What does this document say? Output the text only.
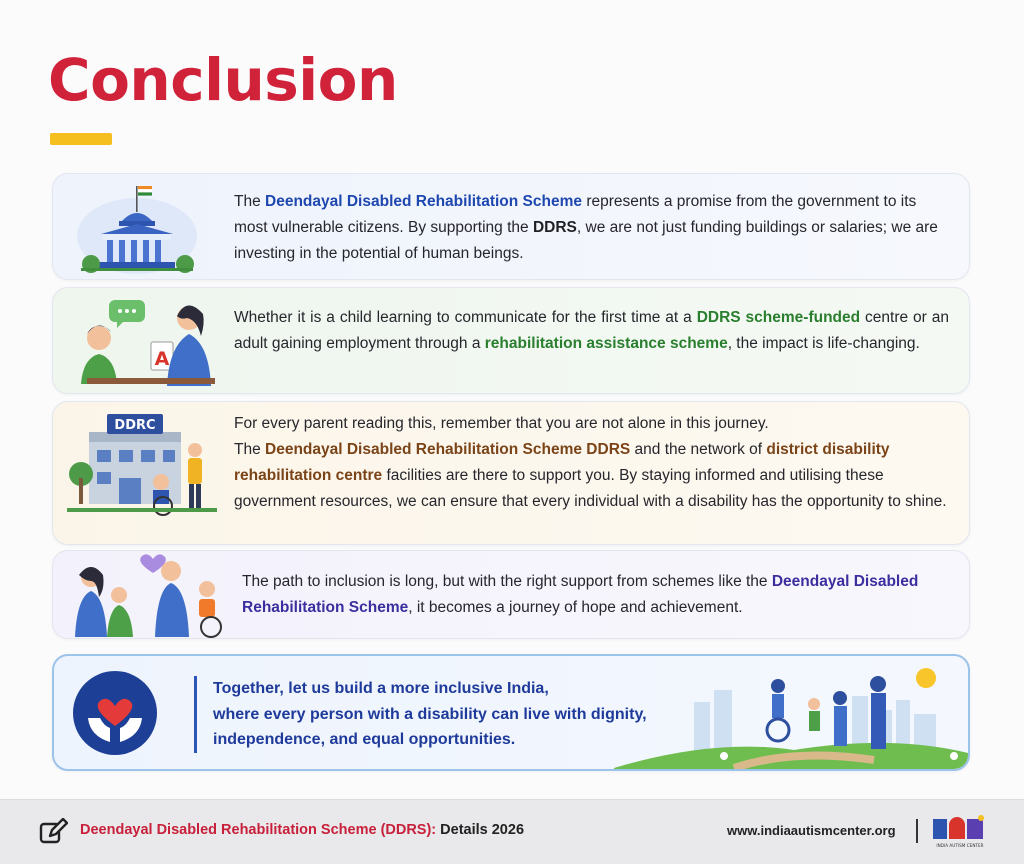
Conclusion
The Deendayal Disabled Rehabilitation Scheme represents a promise from the government to its most vulnerable citizens. By supporting the DDRS, we are not just funding buildings or salaries; we are investing in the potential of human beings.
A
Whether it is a child learning to communicate for the first time at a DDRS scheme-funded centre or an adult gaining employment through a rehabilitation assistance scheme, the impact is life-changing.
DDRC	For every parent reading this, remember that you are not alone in this journey.
The Deendayal Disabled Rehabilitation Scheme DDRS and the network of district disability rehabilitation centre facilities are there to support you. By staying informed and utilising these government resources, we can ensure that every individual with a disability has the opportunity to shine.
The path to inclusion is long, but with the right support from schemes like the Deendayal Disabled Rehabilitation Scheme, it becomes a journey of hope and achievement.
Together, let us build a more inclusive India,
where every person with a disability can live with dignity,
independence, and equal opportunities.
Deendayal Disabled Rehabilitation Scheme (DDRS): Details 2026	www.indiaautismcenter.org
INDIA AUTISM CENTER
